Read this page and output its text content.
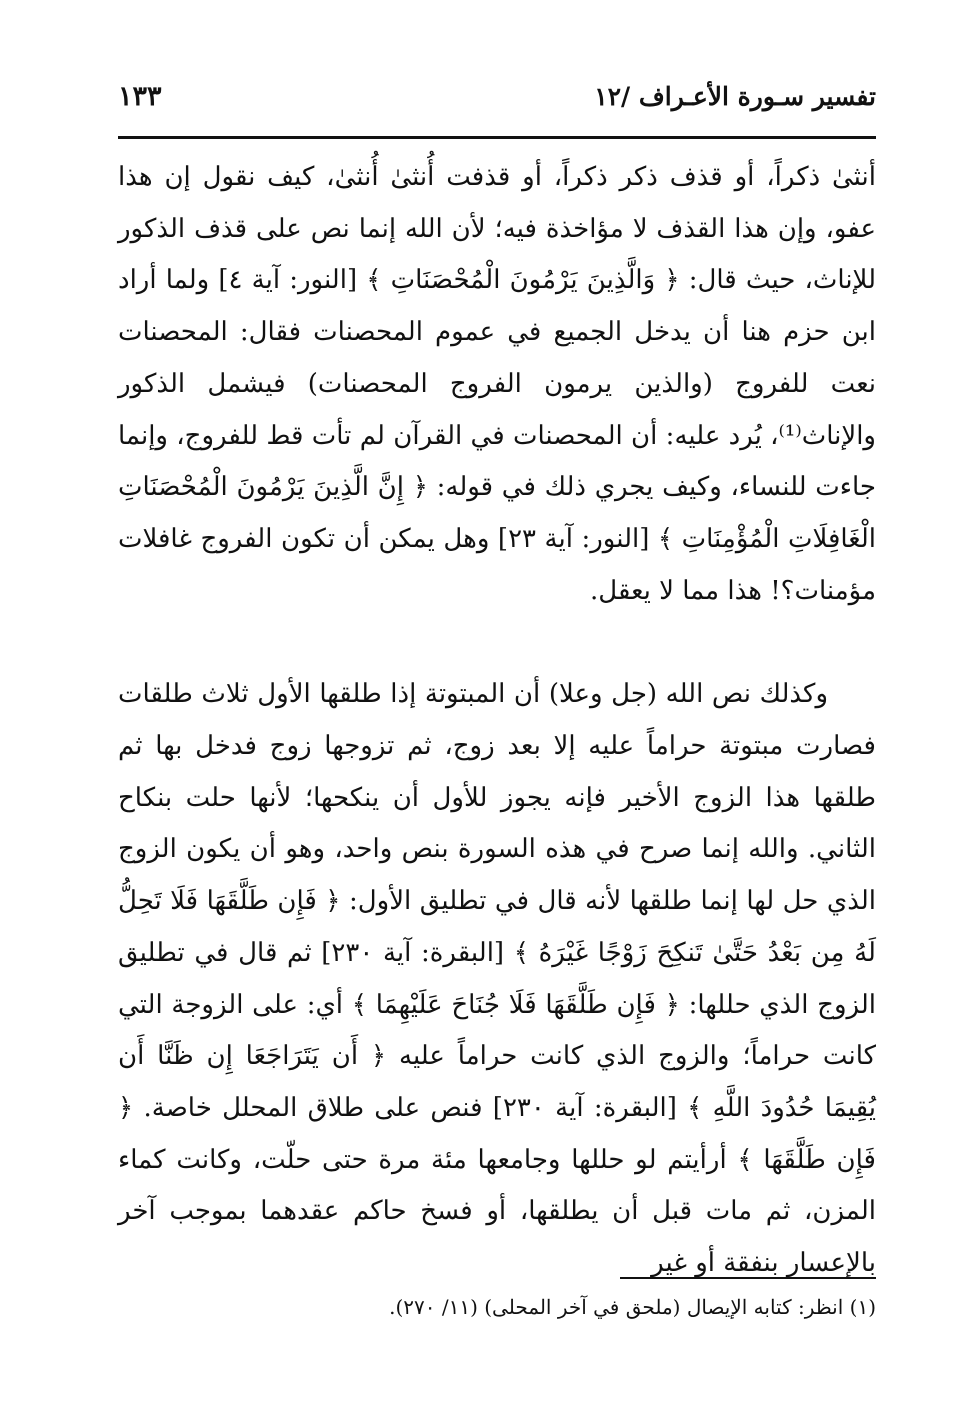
تفسير سـورة الأعـراف /١٢
١٣٣

أنثىٰ ذكراً، أو قذف ذكر ذكراً، أو قذفت أُنثىٰ أُنثىٰ، كيف نقول إن هذا عفو، وإن هذا القذف لا مؤاخذة فيه؛ لأن الله إنما نص على قذف الذكور للإناث، حيث قال: ﴿ وَالَّذِينَ يَرْمُونَ الْمُحْصَنَاتِ ﴾ [النور: آية ٤] ولما أراد ابن حزم هنا أن يدخل الجميع في عموم المحصنات فقال: المحصنات نعت للفروج (والذين يرمون الفروج المحصنات) فيشمل الذكور والإناث⁽¹⁾، يُرد عليه: أن المحصنات في القرآن لم تأت قط للفروج، وإنما جاءت للنساء، وكيف يجري ذلك في قوله: ﴿ إِنَّ الَّذِينَ يَرْمُونَ الْمُحْصَنَاتِ الْغَافِلَاتِ الْمُؤْمِنَاتِ ﴾ [النور: آية ٢٣] وهل يمكن أن تكون الفروج غافلات مؤمنات؟! هذا مما لا يعقل.

وكذلك نص الله (جل وعلا) أن المبتوتة إذا طلقها الأول ثلاث طلقات فصارت مبتوتة حراماً عليه إلا بعد زوج، ثم تزوجها زوج فدخل بها ثم طلقها هذا الزوج الأخير فإنه يجوز للأول أن ينكحها؛ لأنها حلت بنكاح الثاني. والله إنما صرح في هذه السورة بنص واحد، وهو أن يكون الزوج الذي حل لها إنما طلقها لأنه قال في تطليق الأول: ﴿ فَإِن طَلَّقَهَا فَلَا تَحِلُّ لَهُ مِن بَعْدُ حَتَّىٰ تَنكِحَ زَوْجًا غَيْرَهُ ﴾ [البقرة: آية ٢٣٠] ثم قال في تطليق الزوج الذي حللها: ﴿ فَإِن طَلَّقَهَا فَلَا جُنَاحَ عَلَيْهِمَا ﴾ أي: على الزوجة التي كانت حراماً؛ والزوج الذي كانت حراماً عليه ﴿ أَن يَتَرَاجَعَا إِن ظَنَّا أَن يُقِيمَا حُدُودَ اللَّهِ ﴾ [البقرة: آية ٢٣٠] فنص على طلاق المحلل خاصة. ﴿ فَإِن طَلَّقَهَا ﴾ أرأيتم لو حللها وجامعها مئة مرة حتى حلّت، وكانت كماء المزن، ثم مات قبل أن يطلقها، أو فسخ حاكم عقدهما بموجب آخر بالإعسار بنفقة أو غير

(١) انظر: كتابه الإيصال (ملحق في آخر المحلى) (١١/ ٢٧٠).
